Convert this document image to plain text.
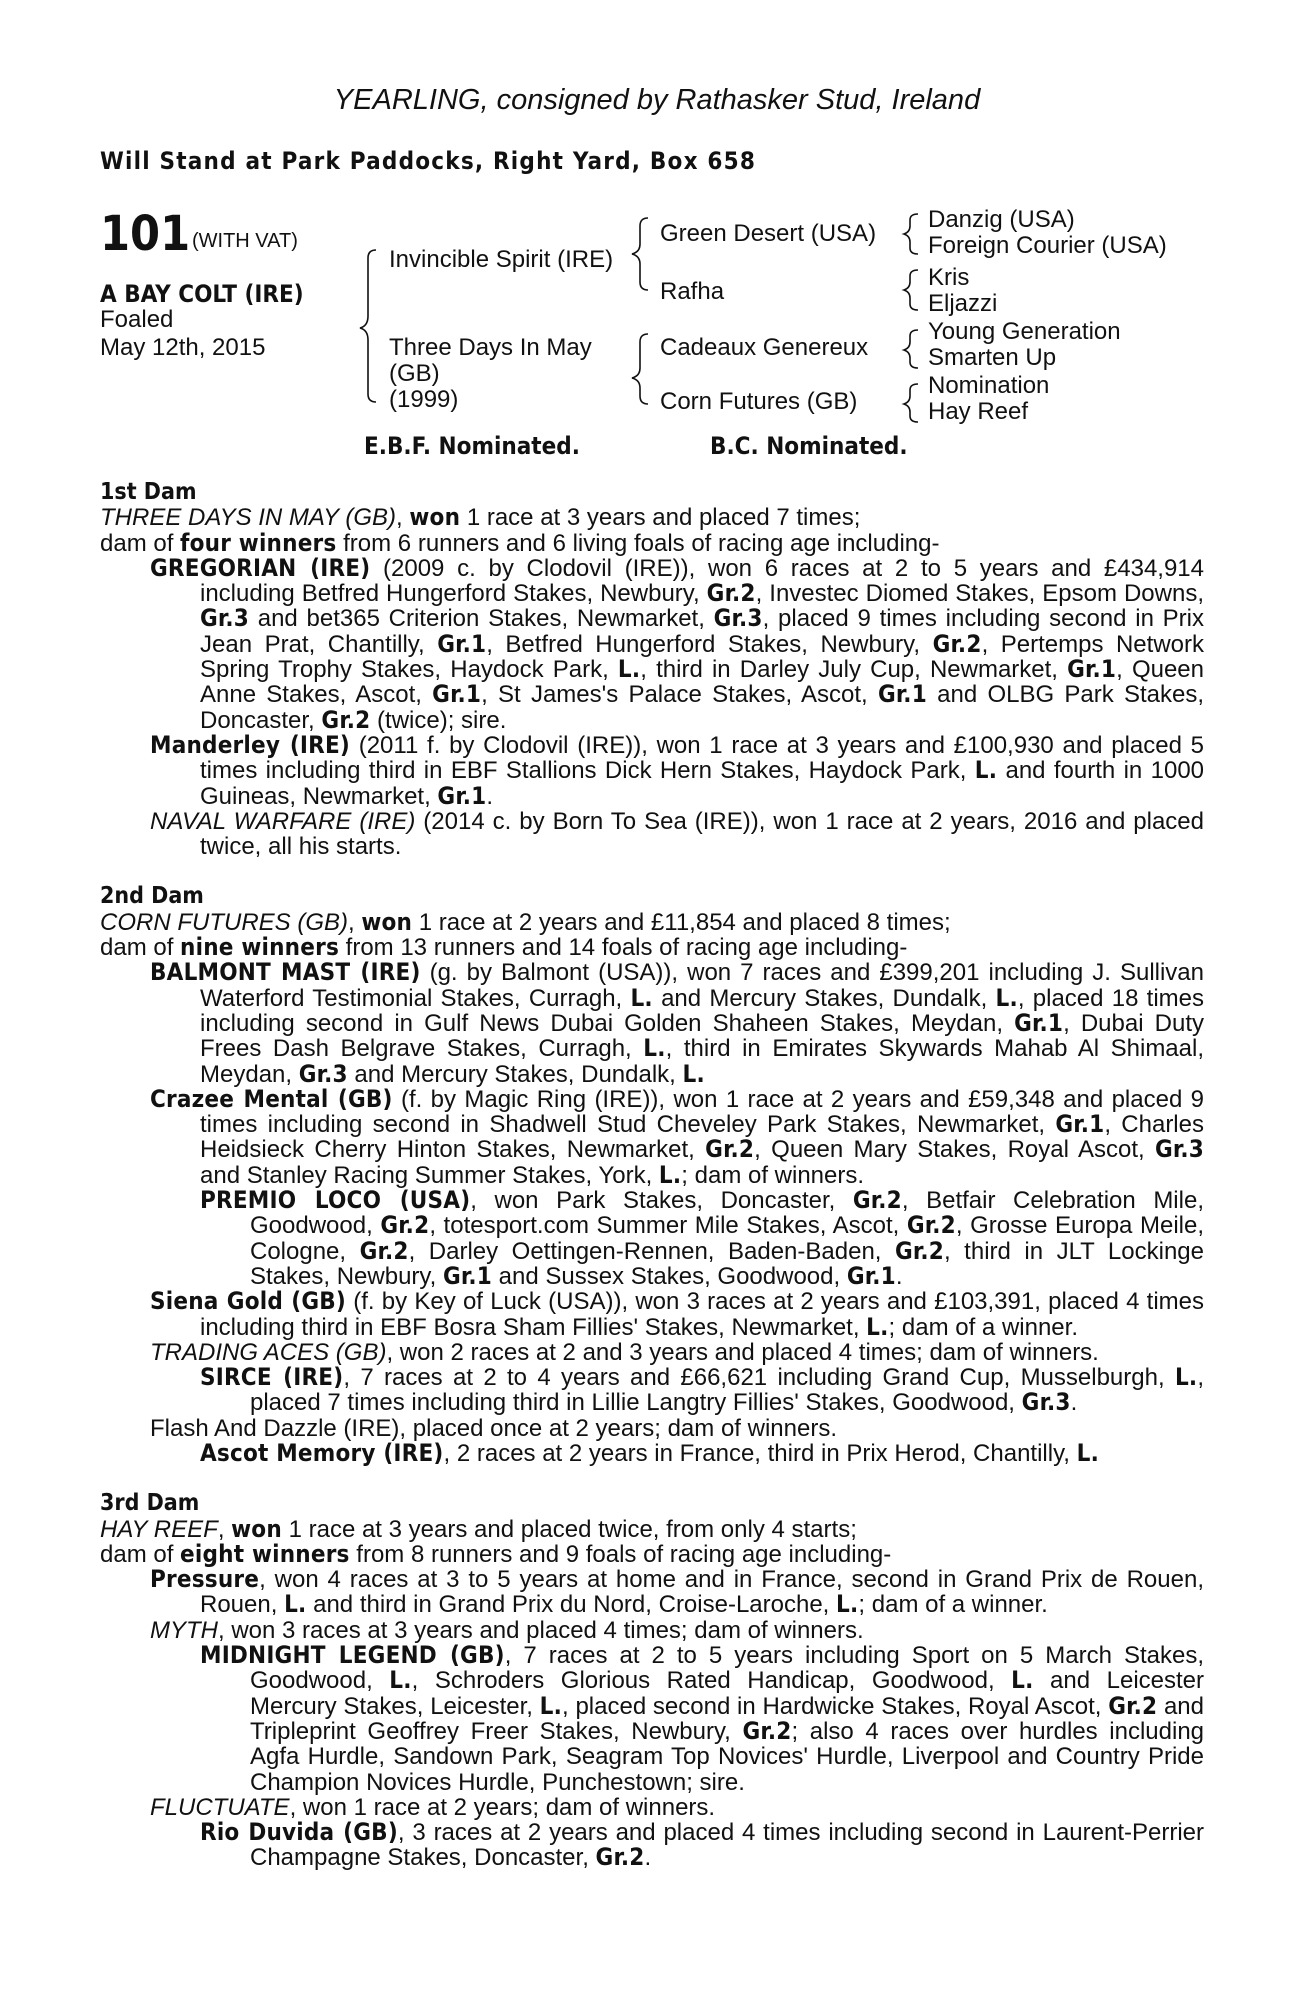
YEARLING, consigned by Rathasker Stud, Ireland
Will Stand at Park Paddocks, Right Yard, Box 658
101 (WITH VAT)
A BAY COLT (IRE)
Foaled
May 12th, 2015
Invincible Spirit (IRE)
Three Days In May
(GB)
(1999)
Green Desert (USA)
Rafha
Cadeaux Genereux
Corn Futures (GB)
Danzig (USA)
Foreign Courier (USA)
Kris
Eljazzi
Young Generation
Smarten Up
Nomination
Hay Reef
E.B.F. Nominated.	B.C. Nominated.
1st Dam

THREE DAYS IN MAY (GB), won 1 race at 3 years and placed 7 times;

dam of four winners from 6 runners and 6 living foals of racing age including-

GREGORIAN (IRE) (2009 c. by Clodovil (IRE)), won 6 races at 2 to 5 years and £434,914 including Betfred Hungerford Stakes, Newbury, Gr.2, Investec Diomed Stakes, Epsom Downs, Gr.3 and bet365 Criterion Stakes, Newmarket, Gr.3, placed 9 times including second in Prix Jean Prat, Chantilly, Gr.1, Betfred Hungerford Stakes, Newbury, Gr.2, Pertemps Network Spring Trophy Stakes, Haydock Park, L., third in Darley July Cup, Newmarket, Gr.1, Queen Anne Stakes, Ascot, Gr.1, St James's Palace Stakes, Ascot, Gr.1 and OLBG Park Stakes, Doncaster, Gr.2 (twice); sire.

Manderley (IRE) (2011 f. by Clodovil (IRE)), won 1 race at 3 years and £100,930 and placed 5 times including third in EBF Stallions Dick Hern Stakes, Haydock Park, L. and fourth in 1000 Guineas, Newmarket, Gr.1.

NAVAL WARFARE (IRE) (2014 c. by Born To Sea (IRE)), won 1 race at 2 years, 2016 and placed twice, all his starts.

2nd Dam

CORN FUTURES (GB), won 1 race at 2 years and £11,854 and placed 8 times;

dam of nine winners from 13 runners and 14 foals of racing age including-

BALMONT MAST (IRE) (g. by Balmont (USA)), won 7 races and £399,201 including J. Sullivan Waterford Testimonial Stakes, Curragh, L. and Mercury Stakes, Dundalk, L., placed 18 times including second in Gulf News Dubai Golden Shaheen Stakes, Meydan, Gr.1, Dubai Duty Frees Dash Belgrave Stakes, Curragh, L., third in Emirates Skywards Mahab Al Shimaal, Meydan, Gr.3 and Mercury Stakes, Dundalk, L.

Crazee Mental (GB) (f. by Magic Ring (IRE)), won 1 race at 2 years and £59,348 and placed 9 times including second in Shadwell Stud Cheveley Park Stakes, Newmarket, Gr.1, Charles Heidsieck Cherry Hinton Stakes, Newmarket, Gr.2, Queen Mary Stakes, Royal Ascot, Gr.3 and Stanley Racing Summer Stakes, York, L.; dam of winners.

PREMIO LOCO (USA), won Park Stakes, Doncaster, Gr.2, Betfair Celebration Mile, Goodwood, Gr.2, totesport.com Summer Mile Stakes, Ascot, Gr.2, Grosse Europa Meile, Cologne, Gr.2, Darley Oettingen-Rennen, Baden-Baden, Gr.2, third in JLT Lockinge Stakes, Newbury, Gr.1 and Sussex Stakes, Goodwood, Gr.1.

Siena Gold (GB) (f. by Key of Luck (USA)), won 3 races at 2 years and £103,391, placed 4 times including third in EBF Bosra Sham Fillies' Stakes, Newmarket, L.; dam of a winner.

TRADING ACES (GB), won 2 races at 2 and 3 years and placed 4 times; dam of winners.

SIRCE (IRE), 7 races at 2 to 4 years and £66,621 including Grand Cup, Musselburgh, L., placed 7 times including third in Lillie Langtry Fillies' Stakes, Goodwood, Gr.3.

Flash And Dazzle (IRE), placed once at 2 years; dam of winners.

Ascot Memory (IRE), 2 races at 2 years in France, third in Prix Herod, Chantilly, L.

3rd Dam

HAY REEF, won 1 race at 3 years and placed twice, from only 4 starts;

dam of eight winners from 8 runners and 9 foals of racing age including-

Pressure, won 4 races at 3 to 5 years at home and in France, second in Grand Prix de Rouen, Rouen, L. and third in Grand Prix du Nord, Croise-Laroche, L.; dam of a winner.

MYTH, won 3 races at 3 years and placed 4 times; dam of winners.

MIDNIGHT LEGEND (GB), 7 races at 2 to 5 years including Sport on 5 March Stakes, Goodwood, L., Schroders Glorious Rated Handicap, Goodwood, L. and Leicester Mercury Stakes, Leicester, L., placed second in Hardwicke Stakes, Royal Ascot, Gr.2 and Tripleprint Geoffrey Freer Stakes, Newbury, Gr.2; also 4 races over hurdles including Agfa Hurdle, Sandown Park, Seagram Top Novices' Hurdle, Liverpool and Country Pride Champion Novices Hurdle, Punchestown; sire.

FLUCTUATE, won 1 race at 2 years; dam of winners.

Rio Duvida (GB), 3 races at 2 years and placed 4 times including second in Laurent-Perrier Champagne Stakes, Doncaster, Gr.2.
